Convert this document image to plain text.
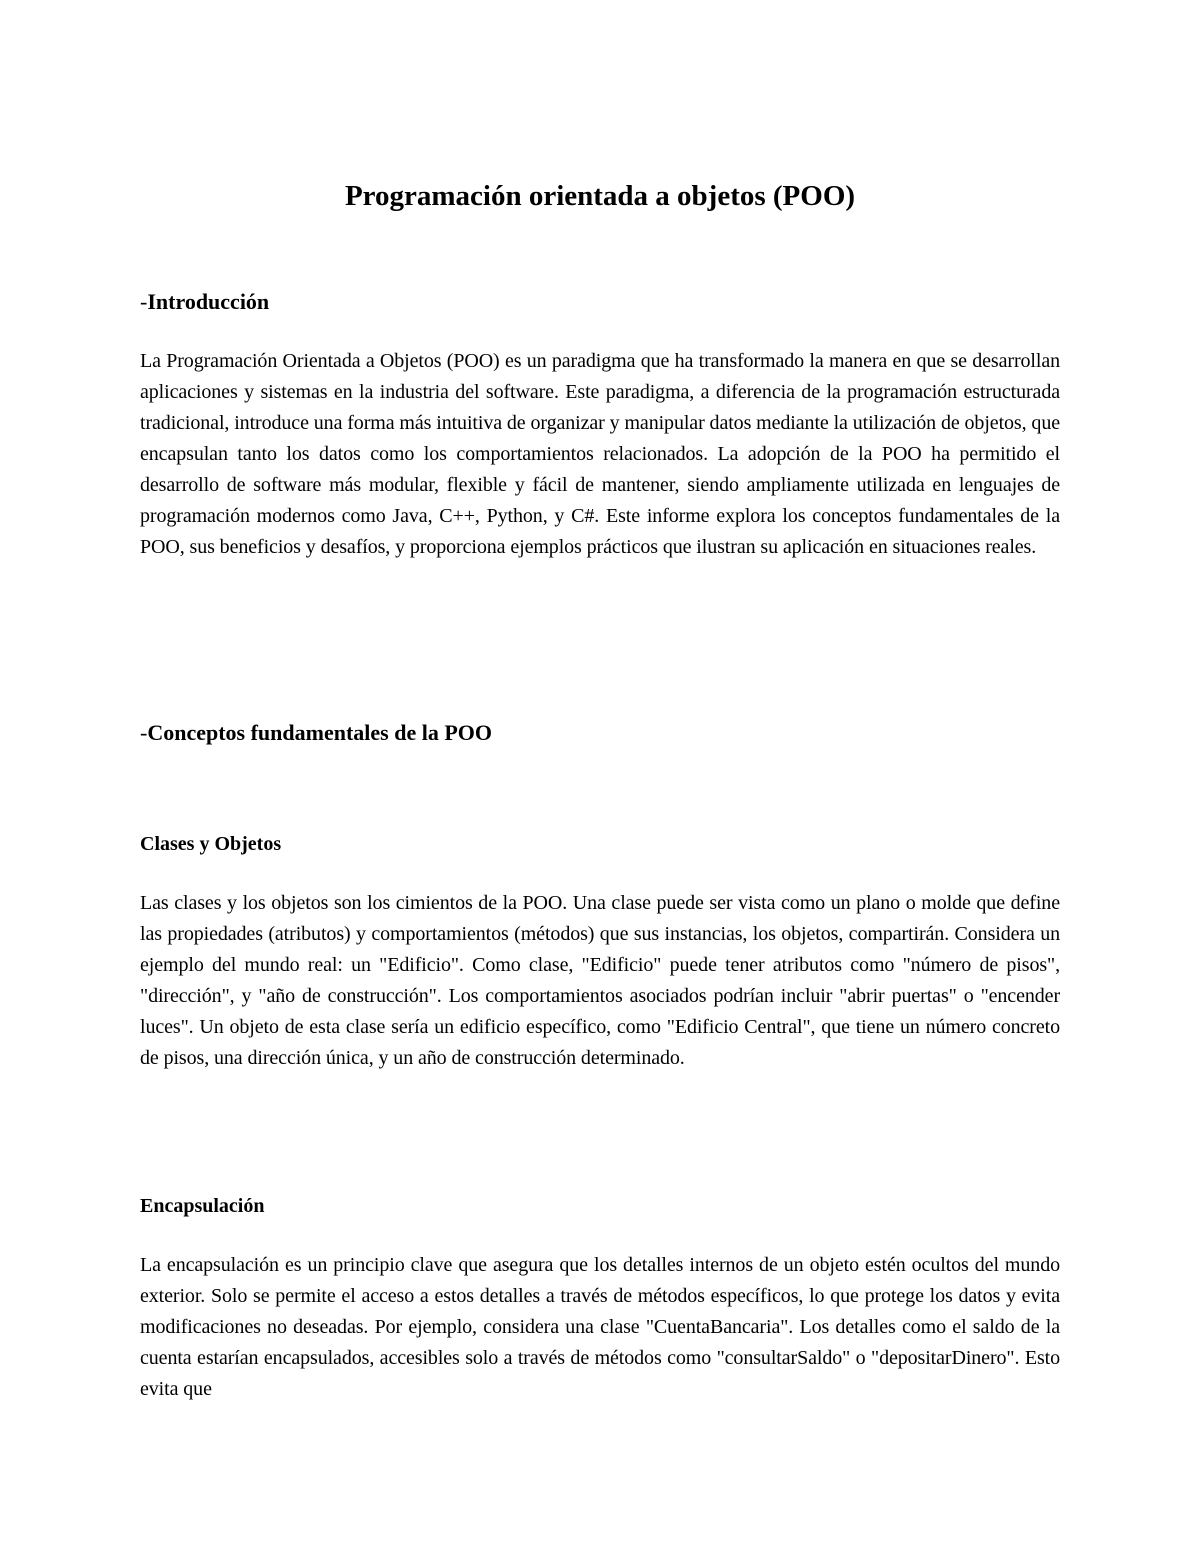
Programación orientada a objetos (POO)
-Introducción

La Programación Orientada a Objetos (POO) es un paradigma que ha transformado la manera en que se desarrollan aplicaciones y sistemas en la industria del software. Este paradigma, a diferencia de la programación estructurada tradicional, introduce una forma más intuitiva de organizar y manipular datos mediante la utilización de objetos, que encapsulan tanto los datos como los comportamientos relacionados. La adopción de la POO ha permitido el desarrollo de software más modular, flexible y fácil de mantener, siendo ampliamente utilizada en lenguajes de programación modernos como Java, C++, Python, y C#. Este informe explora los conceptos fundamentales de la POO, sus beneficios y desafíos, y proporciona ejemplos prácticos que ilustran su aplicación en situaciones reales.

-Conceptos fundamentales de la POO
Clases y Objetos

Las clases y los objetos son los cimientos de la POO. Una clase puede ser vista como un plano o molde que define las propiedades (atributos) y comportamientos (métodos) que sus instancias, los objetos, compartirán. Considera un ejemplo del mundo real: un "Edificio". Como clase, "Edificio" puede tener atributos como "número de pisos", "dirección", y "año de construcción". Los comportamientos asociados podrían incluir "abrir puertas" o "encender luces". Un objeto de esta clase sería un edificio específico, como "Edificio Central", que tiene un número concreto de pisos, una dirección única, y un año de construcción determinado.

Encapsulación

La encapsulación es un principio clave que asegura que los detalles internos de un objeto estén ocultos del mundo exterior. Solo se permite el acceso a estos detalles a través de métodos específicos, lo que protege los datos y evita modificaciones no deseadas. Por ejemplo, considera una clase "CuentaBancaria". Los detalles como el saldo de la cuenta estarían encapsulados, accesibles solo a través de métodos como "consultarSaldo" o "depositarDinero". Esto evita que
